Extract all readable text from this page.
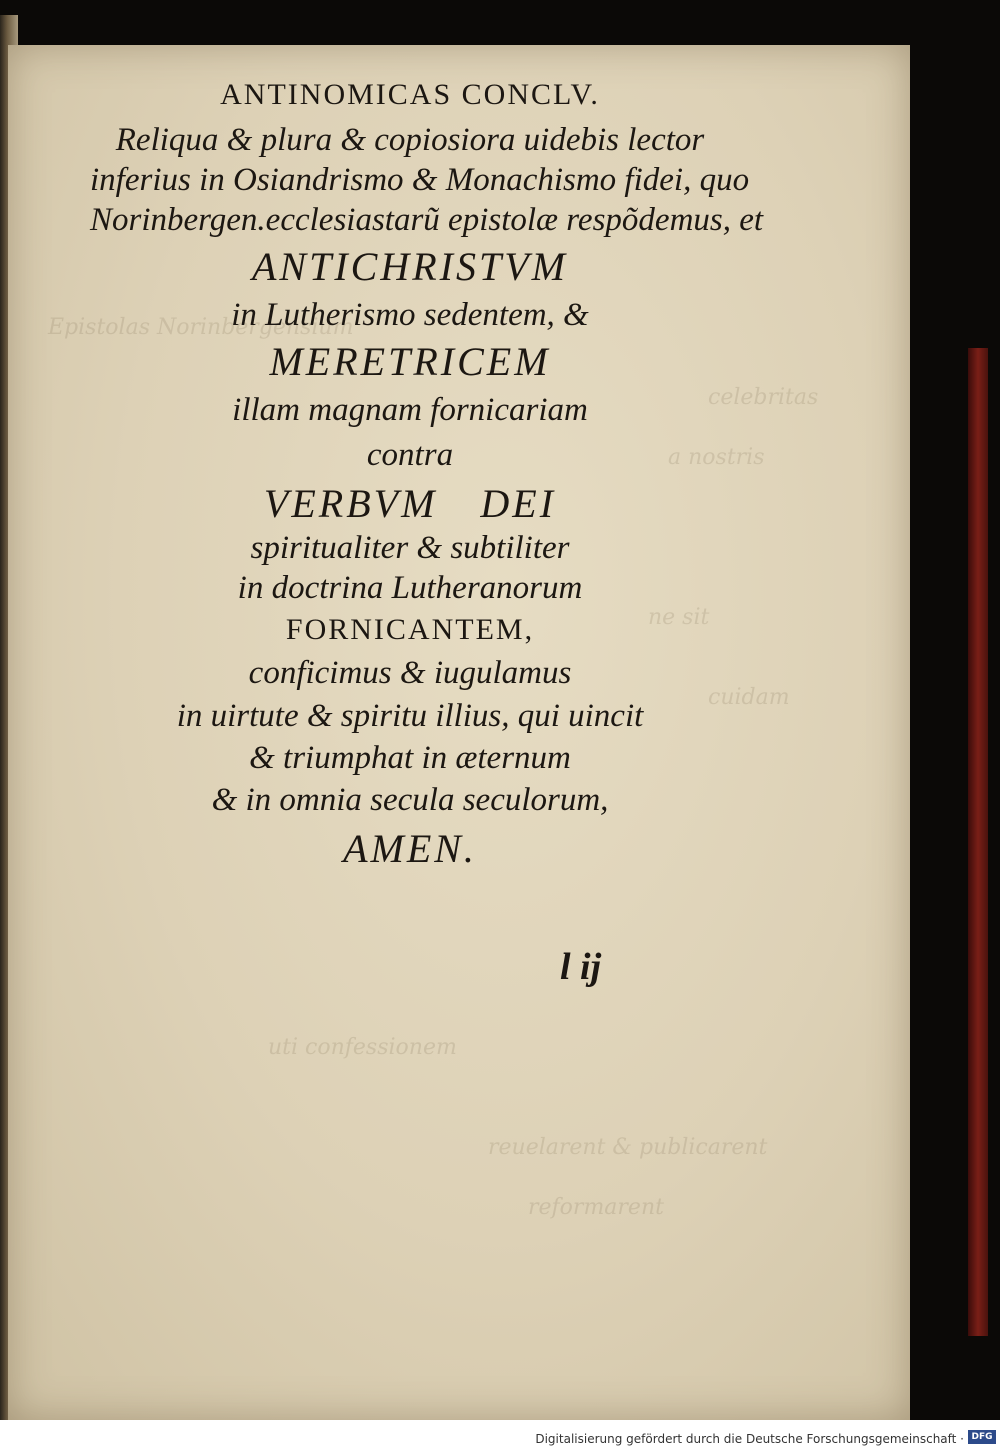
Epistolas Norinbergensium
celebritas
a nostris
ne sit
cuidam
uti confessionem
reuelarent & publicarent
reformarent
ANTINOMICAS CONCLV.
Reliqua & plura & copiosiora uidebis lector
inferius in Osiandrismo & Monachismo fidei, quo
Norinbergen.ecclesiastarũ epistolæ respõdemus, et
ANTICHRISTVM
in Lutherismo sedentem, &
MERETRICEM
illam magnam fornicariam
contra
VERBVM DEI
spiritualiter & subtiliter
in doctrina Lutheranorum
FORNICANTEM,
conficimus & iugulamus
in uirtute & spiritu illius, qui uincit
& triumphat in æternum
& in omnia secula seculorum,
AMEN.
l ij
Digitalisierung gefördert durch die Deutsche Forschungsgemeinschaft · DFG
